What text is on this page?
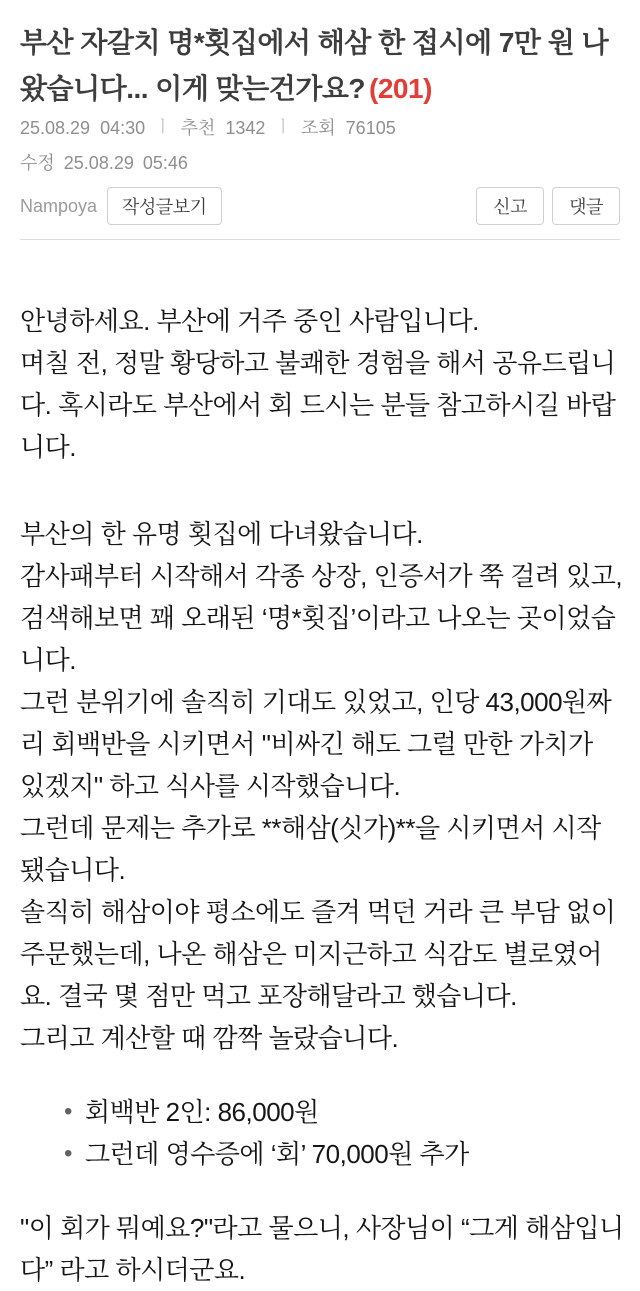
부산 자갈치 명*횟집에서 해삼 한 접시에 7만 원 나왔습니다... 이게 맞는건가요? (201)
25.08.29 04:30 ㅣ 추천 1342 ㅣ 조회 76105
수정 25.08.29 05:46
Nampoya	작성글보기	신고	댓글

안녕하세요. 부산에 거주 중인 사람입니다.

며칠 전, 정말 황당하고 불쾌한 경험을 해서 공유드립니다. 혹시라도 부산에서 회 드시는 분들 참고하시길 바랍니다.

부산의 한 유명 횟집에 다녀왔습니다.

감사패부터 시작해서 각종 상장, 인증서가 쭉 걸려 있고, 검색해보면 꽤 오래된 ‘명*횟집’이라고 나오는 곳이었습니다.

그런 분위기에 솔직히 기대도 있었고, 인당 43,000원짜리 회백반을 시키면서 "비싸긴 해도 그럴 만한 가치가 있겠지" 하고 식사를 시작했습니다.

그런데 문제는 추가로 **해삼(싯가)**을 시키면서 시작됐습니다.

솔직히 해삼이야 평소에도 즐겨 먹던 거라 큰 부담 없이 주문했는데, 나온 해삼은 미지근하고 식감도 별로였어요. 결국 몇 점만 먹고 포장해달라고 했습니다.

그리고 계산할 때 깜짝 놀랐습니다.

• 회백반 2인: 86,000원
• 그런데 영수증에 ‘회’ 70,000원 추가

"이 회가 뭐예요?"라고 물으니, 사장님이 “그게 해삼입니다” 라고 하시더군요.
